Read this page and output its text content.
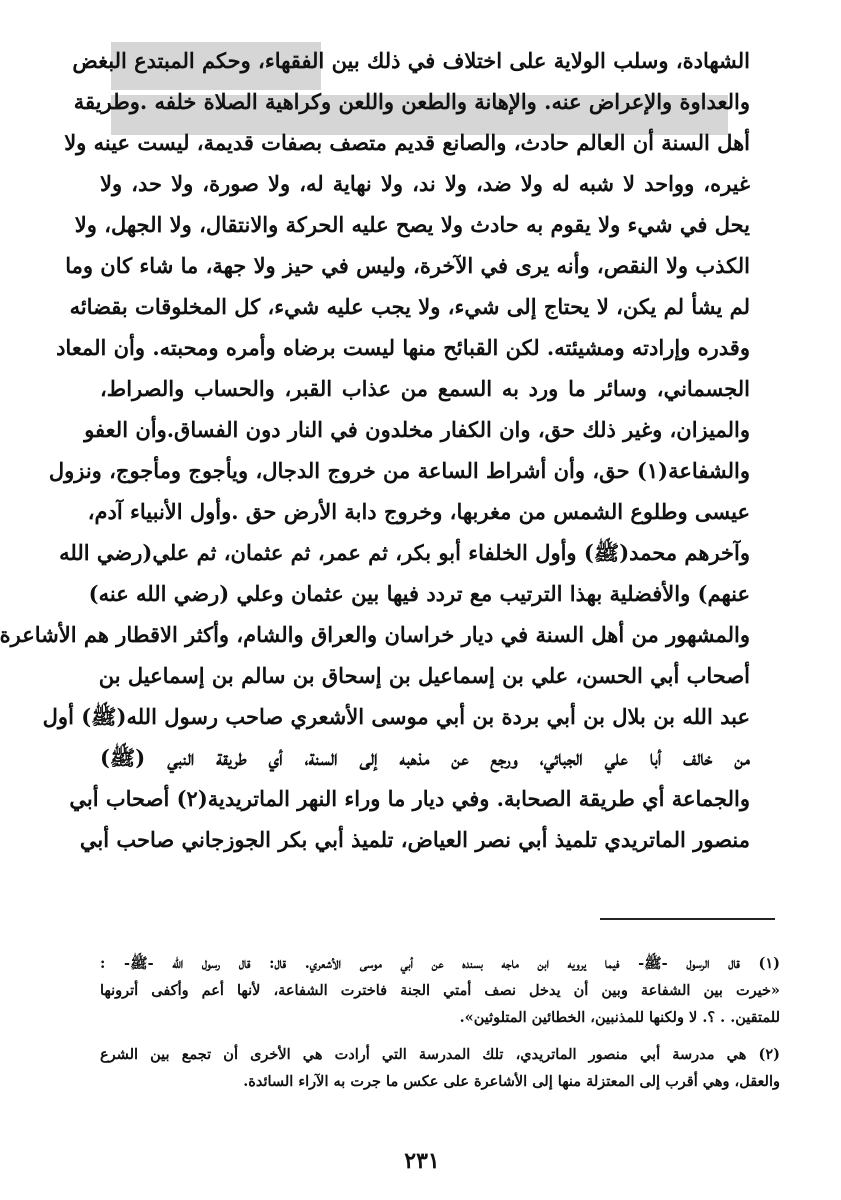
الشهادة، وسلب الولاية على اختلاف في ذلك بين الفقهاء، وحكم المبتدع البغض
والعداوة والإعراض عنه. والإهانة والطعن واللعن وكراهية الصلاة خلفه .وطريقة
أهل السنة أن العالم حادث، والصانع قديم متصف بصفات قديمة، ليست عينه ولا
غيره، وواحد لا شبه له ولا ضد، ولا ند، ولا نهاية له، ولا صورة، ولا حد، ولا
يحل في شيء ولا يقوم به حادث ولا يصح عليه الحركة والانتقال، ولا الجهل، ولا
الكذب ولا النقص، وأنه يرى في الآخرة، وليس في حيز ولا جهة، ما شاء كان وما
لم يشأ لم يكن، لا يحتاج إلى شيء، ولا يجب عليه شيء، كل المخلوقات بقضائه
وقدره وإرادته ومشيئته. لكن القبائح منها ليست برضاه وأمره ومحبته. وأن المعاد
الجسماني، وسائر ما ورد به السمع من عذاب القبر، والحساب والصراط،
والميزان، وغير ذلك حق، وان الكفار مخلدون في النار دون الفساق.وأن العفو
والشفاعة(١) حق، وأن أشراط الساعة من خروج الدجال، ويأجوج ومأجوج، ونزول
عيسى وطلوع الشمس من مغربها، وخروج دابة الأرض حق .وأول الأنبياء آدم،
وآخرهم محمد(ﷺ) وأول الخلفاء أبو بكر، ثم عمر، ثم عثمان، ثم علي(رضي الله
عنهم) والأفضلية بهذا الترتيب مع تردد فيها بين عثمان وعلي (رضي الله عنه)
والمشهور من أهل السنة في ديار خراسان والعراق والشام، وأكثر الاقطار هم الأشاعرة
أصحاب أبي الحسن، علي بن إسماعيل بن إسحاق بن سالم بن إسماعيل بن
عبد الله بن بلال بن أبي بردة بن أبي موسى الأشعري صاحب رسول الله(ﷺ) أول
من خالف أبا علي الجبائي، ورجع عن مذهبه إلى السنة، أي طريقة النبي (ﷺ)
والجماعة أي طريقة الصحابة. وفي ديار ما وراء النهر الماتريدية(٢) أصحاب أبي
منصور الماتريدي تلميذ أبي نصر العياض، تلميذ أبي بكر الجوزجاني صاحب أبي
(١) قال الرسول -ﷺ- فيما يرويه ابن ماجه بسنده عن أبي موسى الأشعري. قال: قال رسول الله -ﷺ- :
«خيرت بين الشفاعة وبين أن يدخل نصف أمتي الجنة فاخترت الشفاعة، لأنها أعم وأكفى أترونها
للمتقين. . ؟. لا ولكنها للمذنبين، الخطائين المتلوثين».
(٢) هي مدرسة أبي منصور الماتريدي، تلك المدرسة التي أرادت هي الأخرى أن تجمع بين الشرع
والعقل، وهي أقرب إلى المعتزلة منها إلى الأشاعرة على عكس ما جرت به الآراء السائدة.
٢٣١
